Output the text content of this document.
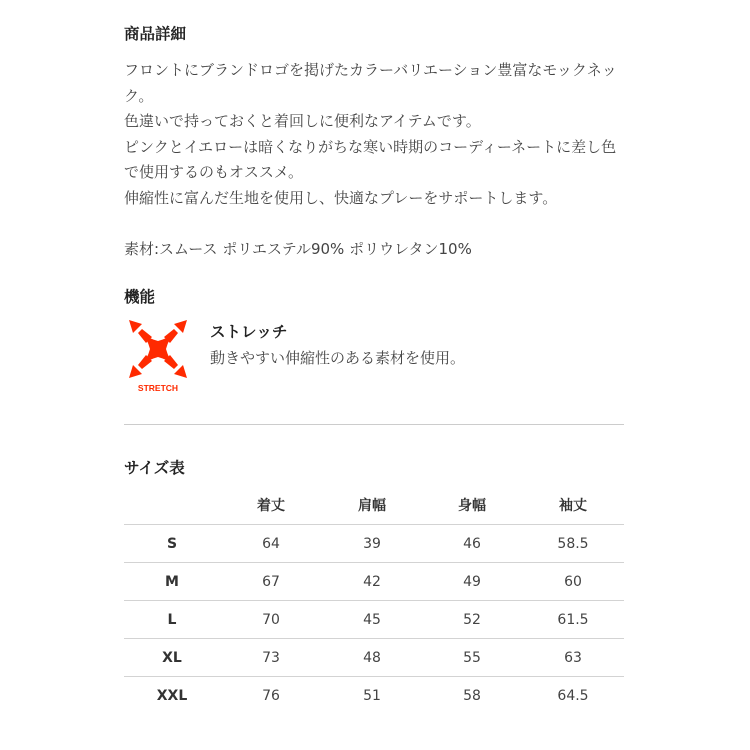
商品詳細

フロントにブランドロゴを掲げたカラーバリエーション豊富なモックネック。

色違いで持っておくと着回しに便利なアイテムです。

ピンクとイエローは暗くなりがちな寒い時期のコーディーネートに差し色で使用するのもオススメ。

伸縮性に富んだ生地を使用し、快適なプレーをサポートします。

素材:スムース ポリエステル90% ポリウレタン10%

機能
STRETCH

ストレッチ

動きやすい伸縮性のある素材を使用。

サイズ表
	着丈	肩幅	身幅	袖丈
S	64	39	46	58.5
M	67	42	49	60
L	70	45	52	61.5
XL	73	48	55	63
XXL	76	51	58	64.5
